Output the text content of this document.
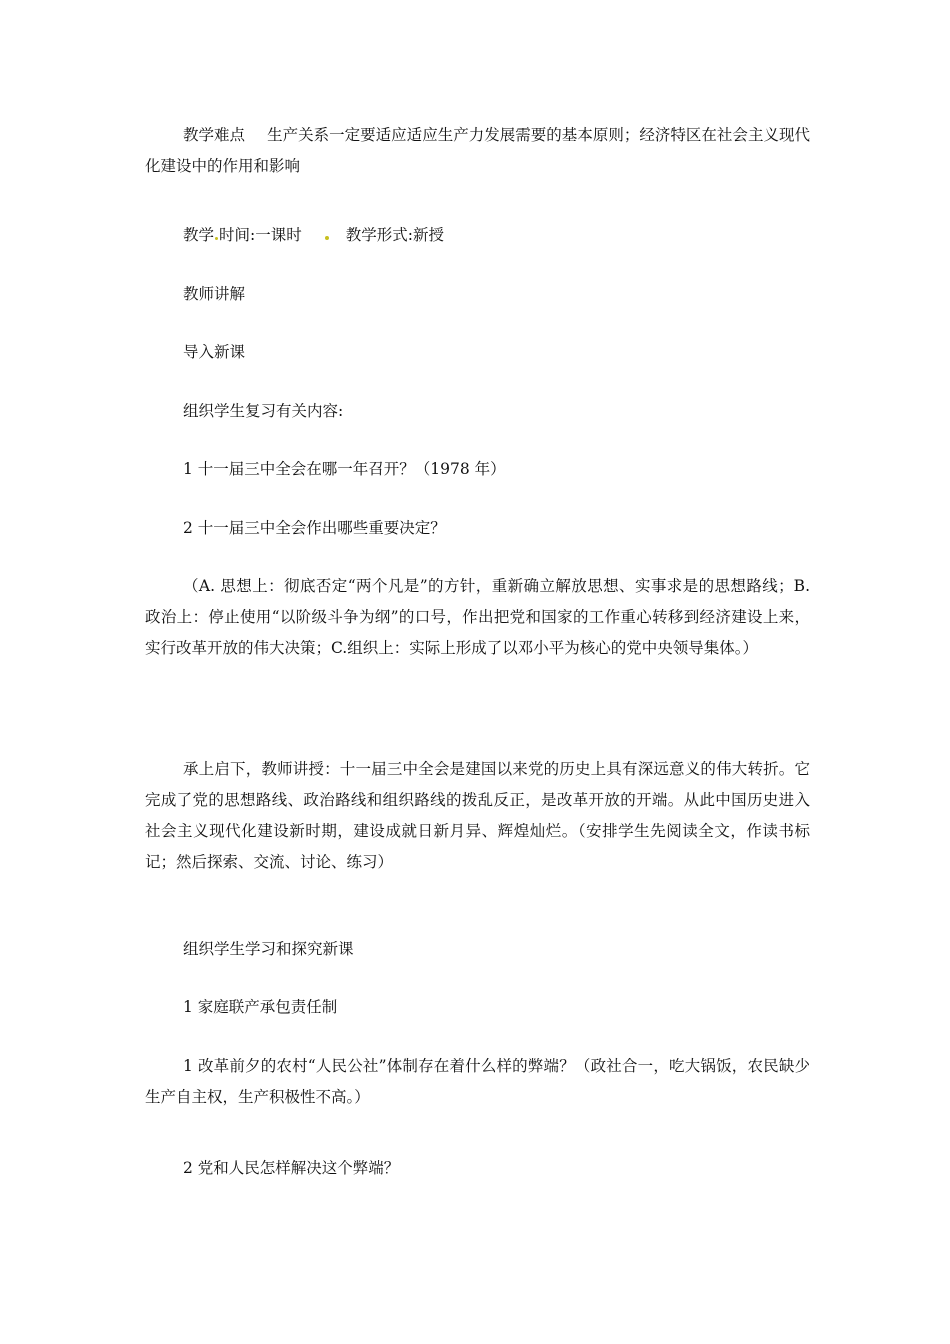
教学难点 生产关系一定要适应适应生产力发展需要的基本原则；经济特区在社会主义现代化建设中的作用和影响

教学 时间:一课时	教学形式:新授

教师讲解

导入新课

组织学生复习有关内容:

1 十一届三中全会在哪一年召开？（1978 年）

2 十一届三中全会作出哪些重要决定？

（A. 思想上：彻底否定“两个凡是”的方针，重新确立解放思想、实事求是的思想路线；B. 政治上：停止使用“以阶级斗争为纲”的口号，作出把党和国家的工作重心转移到经济建设上来，实行改革开放的伟大决策；C.组织上：实际上形成了以邓小平为核心的党中央领导集体。）

承上启下，教师讲授：十一届三中全会是建国以来党的历史上具有深远意义的伟大转折。它完成了党的思想路线、政治路线和组织路线的拨乱反正，是改革开放的开端。从此中国历史进入社会主义现代化建设新时期，建设成就日新月异、辉煌灿烂。（安排学生先阅读全文，作读书标记；然后探索、交流、讨论、练习）

组织学生学习和探究新课

1 家庭联产承包责任制

1 改革前夕的农村“人民公社”体制存在着什么样的弊端？（政社合一，吃大锅饭，农民缺少生产自主权，生产积极性不高。）

2 党和人民怎样解决这个弊端？
